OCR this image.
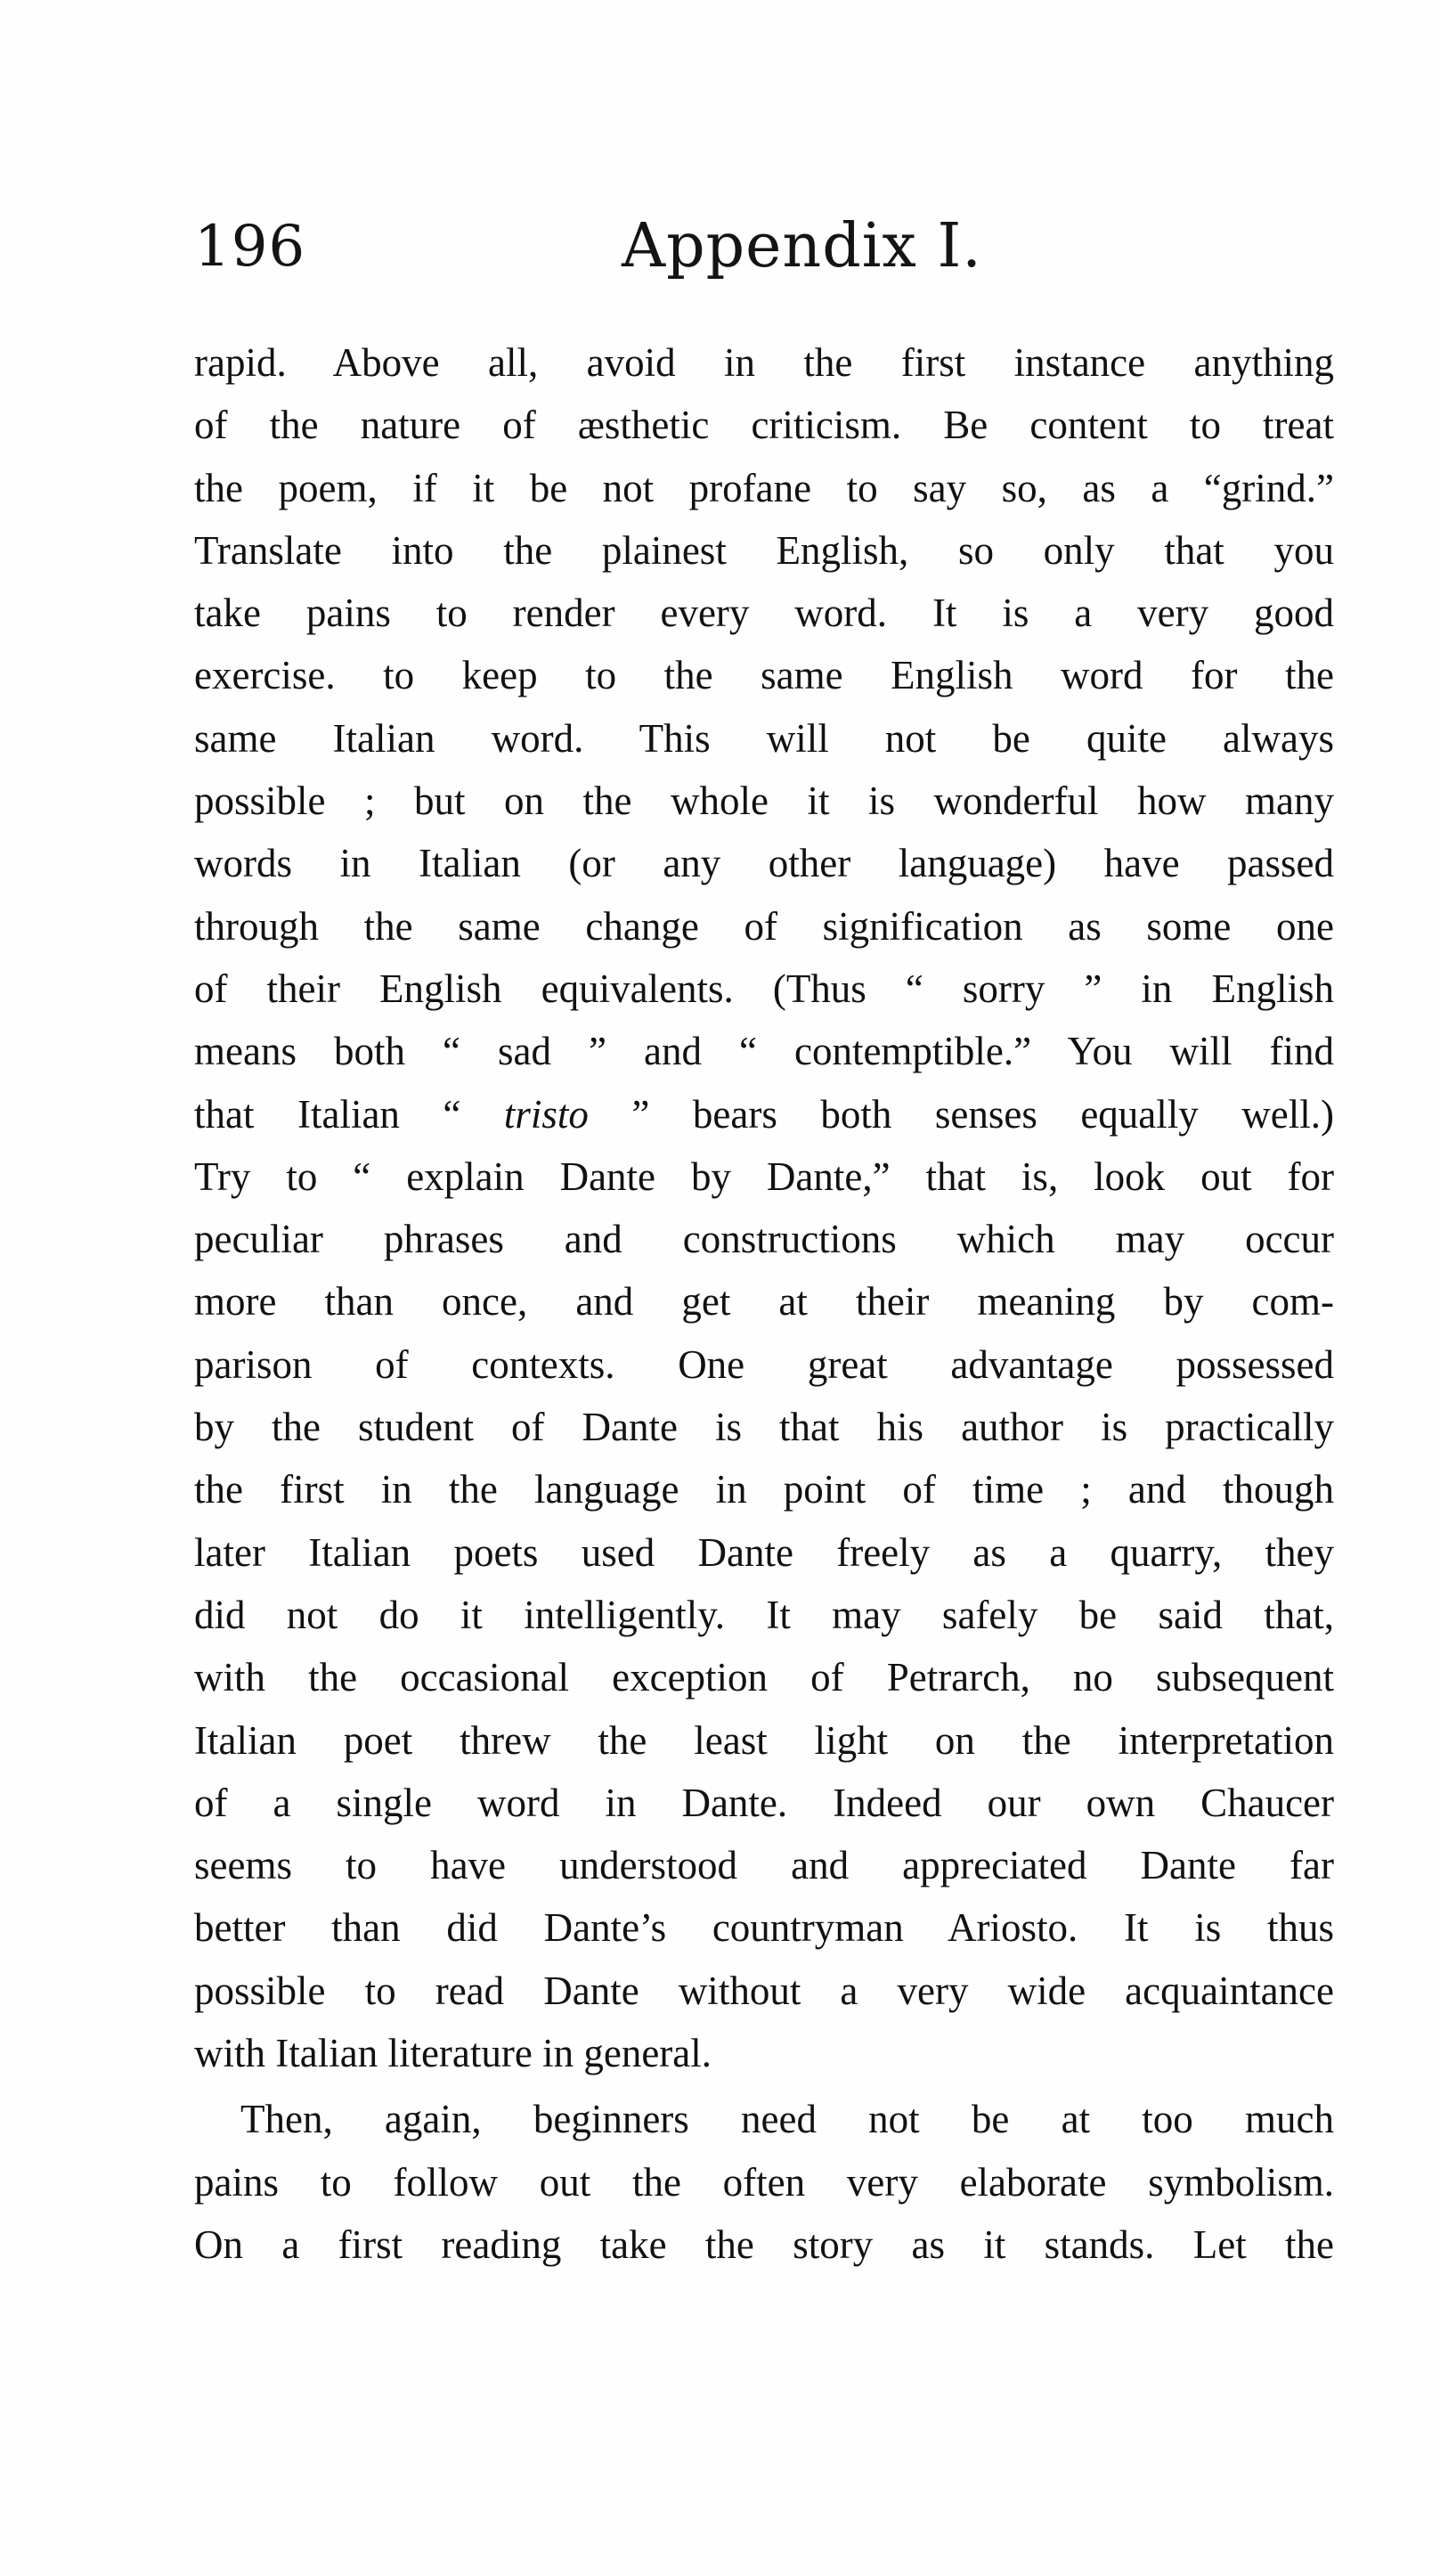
196	Appendix I.
rapid. Above all, avoid in the first instance anything
of the nature of æsthetic criticism. Be content to treat
the poem, if it be not profane to say so, as a “grind.”
Translate into the plainest English, so only that you
take pains to render every word. It is a very good
exercise. to keep to the same English word for the
same Italian word. This will not be quite always
possible ; but on the whole it is wonderful how many
words in Italian (or any other language) have passed
through the same change of signification as some one
of their English equivalents. (Thus “ sorry ” in English
means both “ sad ” and “ contemptible.” You will find
that Italian “ tristo ” bears both senses equally well.)
Try to “ explain Dante by Dante,” that is, look out for
peculiar phrases and constructions which may occur
more than once, and get at their meaning by com-
parison of contexts. One great advantage possessed
by the student of Dante is that his author is practically
the first in the language in point of time ; and though
later Italian poets used Dante freely as a quarry, they
did not do it intelligently. It may safely be said that,
with the occasional exception of Petrarch, no subsequent
Italian poet threw the least light on the interpretation
of a single word in Dante. Indeed our own Chaucer
seems to have understood and appreciated Dante far
better than did Dante’s countryman Ariosto. It is thus
possible to read Dante without a very wide acquaintance
with Italian literature in general.
Then, again, beginners need not be at too much
pains to follow out the often very elaborate symbolism.
On a first reading take the story as it stands. Let the
